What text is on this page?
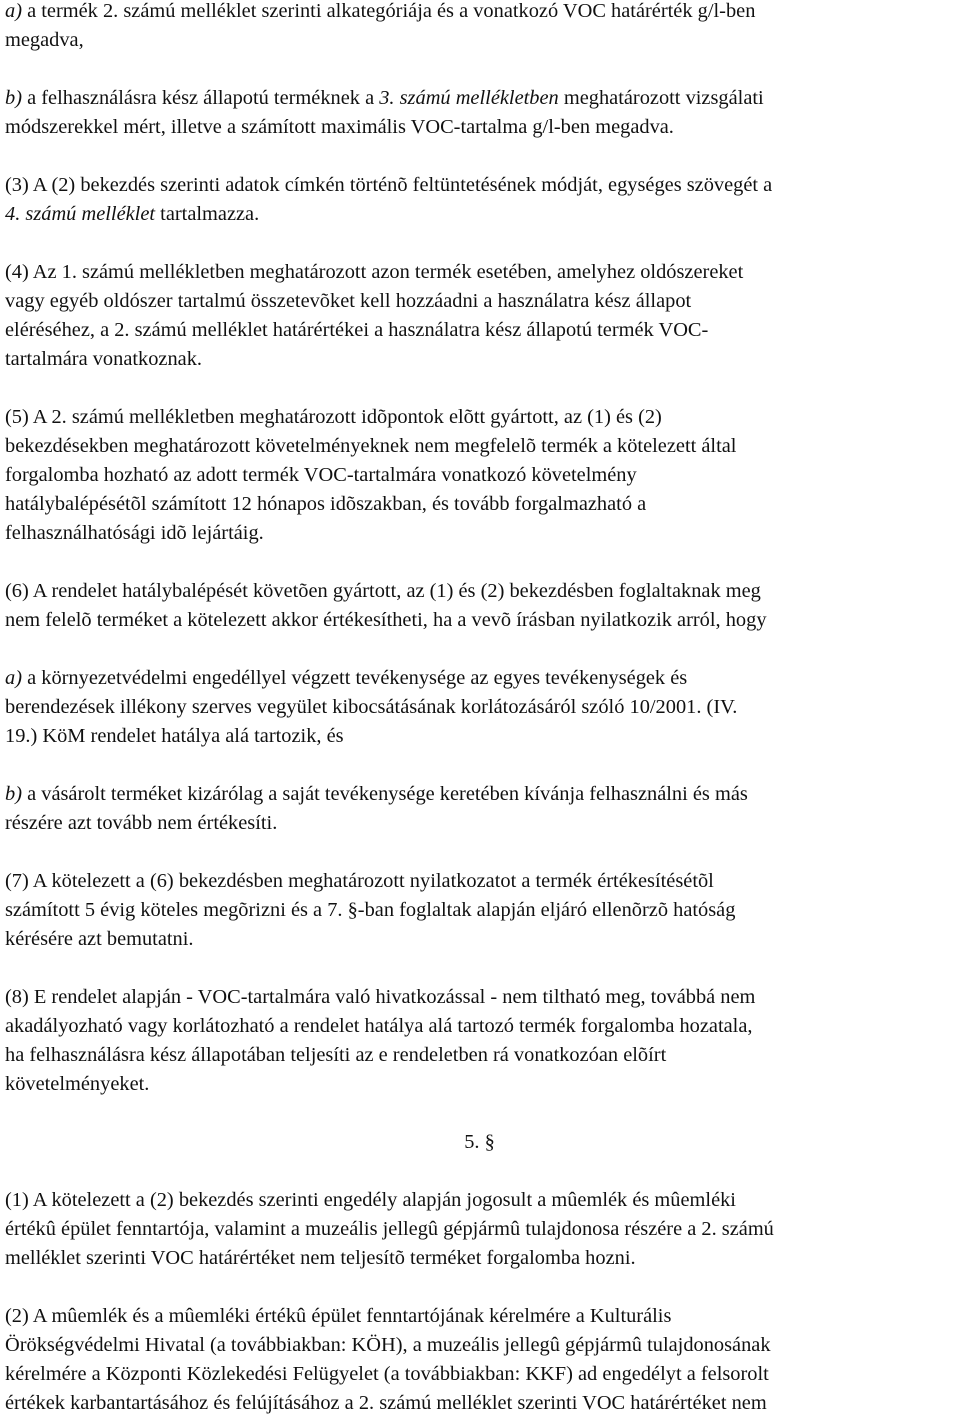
a) a termék 2. számú melléklet szerinti alkategóriája és a vonatkozó VOC határérték g/l-ben
megadva,
b) a felhasználásra kész állapotú terméknek a 3. számú mellékletben meghatározott vizsgálati
módszerekkel mért, illetve a számított maximális VOC-tartalma g/l-ben megadva.
(3) A (2) bekezdés szerinti adatok címkén történõ feltüntetésének módját, egységes szövegét a
4. számú melléklet tartalmazza.
(4) Az 1. számú mellékletben meghatározott azon termék esetében, amelyhez oldószereket
vagy egyéb oldószer tartalmú összetevõket kell hozzáadni a használatra kész állapot
eléréséhez, a 2. számú melléklet határértékei a használatra kész állapotú termék VOC-
tartalmára vonatkoznak.
(5) A 2. számú mellékletben meghatározott idõpontok elõtt gyártott, az (1) és (2)
bekezdésekben meghatározott követelményeknek nem megfelelõ termék a kötelezett által
forgalomba hozható az adott termék VOC-tartalmára vonatkozó követelmény
hatálybalépésétõl számított 12 hónapos idõszakban, és tovább forgalmazható a
felhasználhatósági idõ lejártáig.
(6) A rendelet hatálybalépését követõen gyártott, az (1) és (2) bekezdésben foglaltaknak meg
nem felelõ terméket a kötelezett akkor értékesítheti, ha a vevõ írásban nyilatkozik arról, hogy
a) a környezetvédelmi engedéllyel végzett tevékenysége az egyes tevékenységek és
berendezések illékony szerves vegyület kibocsátásának korlátozásáról szóló 10/2001. (IV.
19.) KöM rendelet hatálya alá tartozik, és
b) a vásárolt terméket kizárólag a saját tevékenysége keretében kívánja felhasználni és más
részére azt tovább nem értékesíti.
(7) A kötelezett a (6) bekezdésben meghatározott nyilatkozatot a termék értékesítésétõl
számított 5 évig köteles megõrizni és a 7. §-ban foglaltak alapján eljáró ellenõrzõ hatóság
kérésére azt bemutatni.
(8) E rendelet alapján - VOC-tartalmára való hivatkozással - nem tiltható meg, továbbá nem
akadályozható vagy korlátozható a rendelet hatálya alá tartozó termék forgalomba hozatala,
ha felhasználásra kész állapotában teljesíti az e rendeletben rá vonatkozóan elõírt
követelményeket.
5. §
(1) A kötelezett a (2) bekezdés szerinti engedély alapján jogosult a mûemlék és mûemléki
értékû épület fenntartója, valamint a muzeális jellegû gépjármû tulajdonosa részére a 2. számú
melléklet szerinti VOC határértéket nem teljesítõ terméket forgalomba hozni.
(2) A mûemlék és a mûemléki értékû épület fenntartójának kérelmére a Kulturális
Örökségvédelmi Hivatal (a továbbiakban: KÖH), a muzeális jellegû gépjármû tulajdonosának
kérelmére a Központi Közlekedési Felügyelet (a továbbiakban: KKF) ad engedélyt a felsorolt
értékek karbantartásához és felújításához a 2. számú melléklet szerinti VOC határértéket nem
